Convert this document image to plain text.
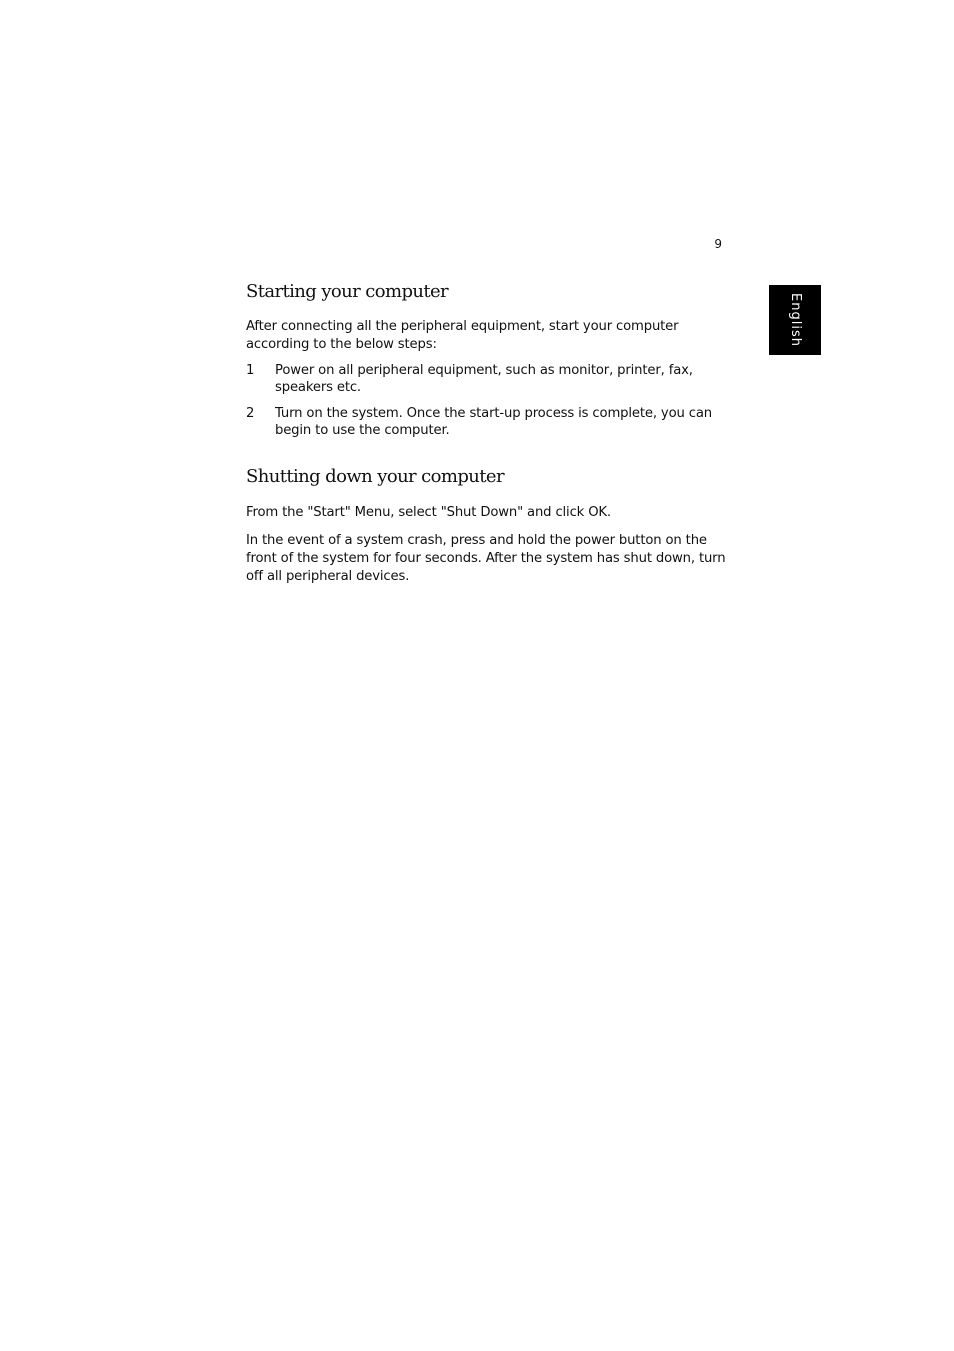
9
English
Starting your computer

After connecting all the peripheral equipment, start your computer according to the below steps:

1	Power on all peripheral equipment, such as monitor, printer, fax, speakers etc.
2	Turn on the system. Once the start-up process is complete, you can begin to use the computer.
Shutting down your computer

From the "Start" Menu, select "Shut Down" and click OK.

In the event of a system crash, press and hold the power button on the front of the system for four seconds. After the system has shut down, turn off all peripheral devices.
